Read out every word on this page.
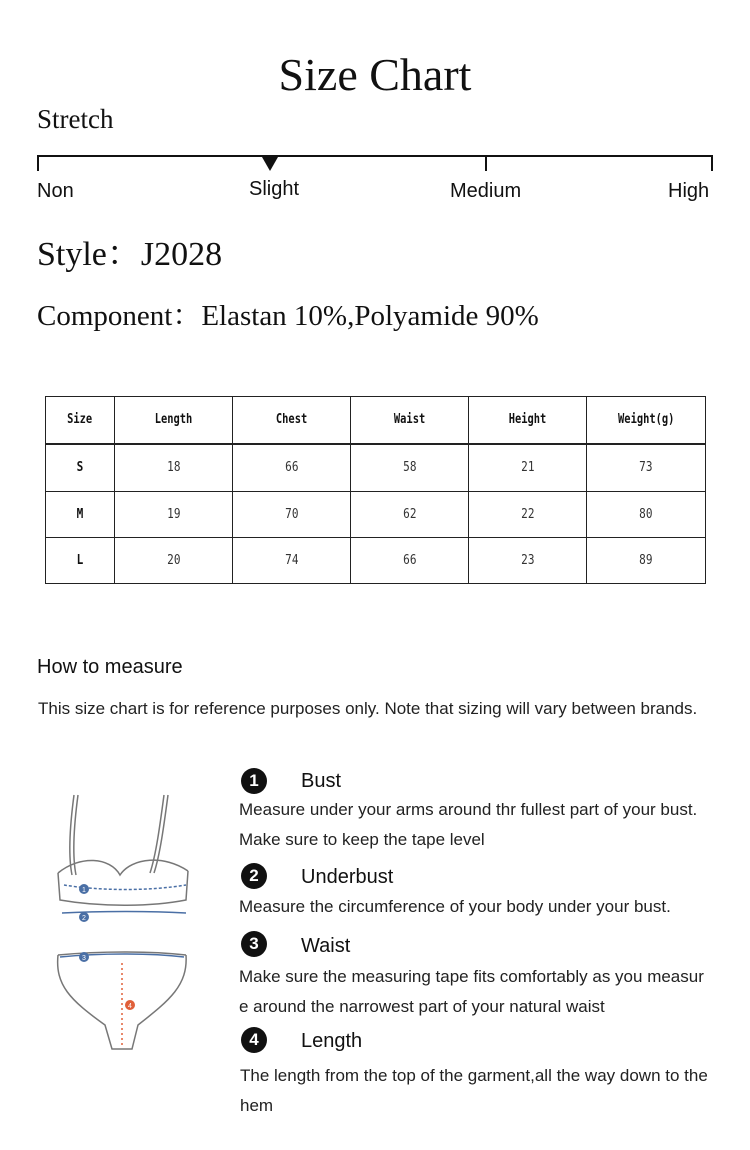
Size Chart
Stretch
Non	Slight	Medium	High
Style：J2028
Component：Elastan 10%,Polyamide 90%
Size	Length	Chest	Waist	Height	Weight(g)
S	18	66	58	21	73
M	19	70	62	22	80
L	20	74	66	23	89
How to measure
This size chart is for reference purposes only. Note that sizing will vary between brands.
1
2
3
4
1	Bust
Measure under your arms around thr fullest part of your bust. Make sure to keep the tape level
2	Underbust
Measure the circumference of your body under your bust.
3	Waist
Make sure the measuring tape fits comfortably as you measure around the narrowest part of your natural waist
4	Length
The length from the top of the garment,all the way down to the hem
